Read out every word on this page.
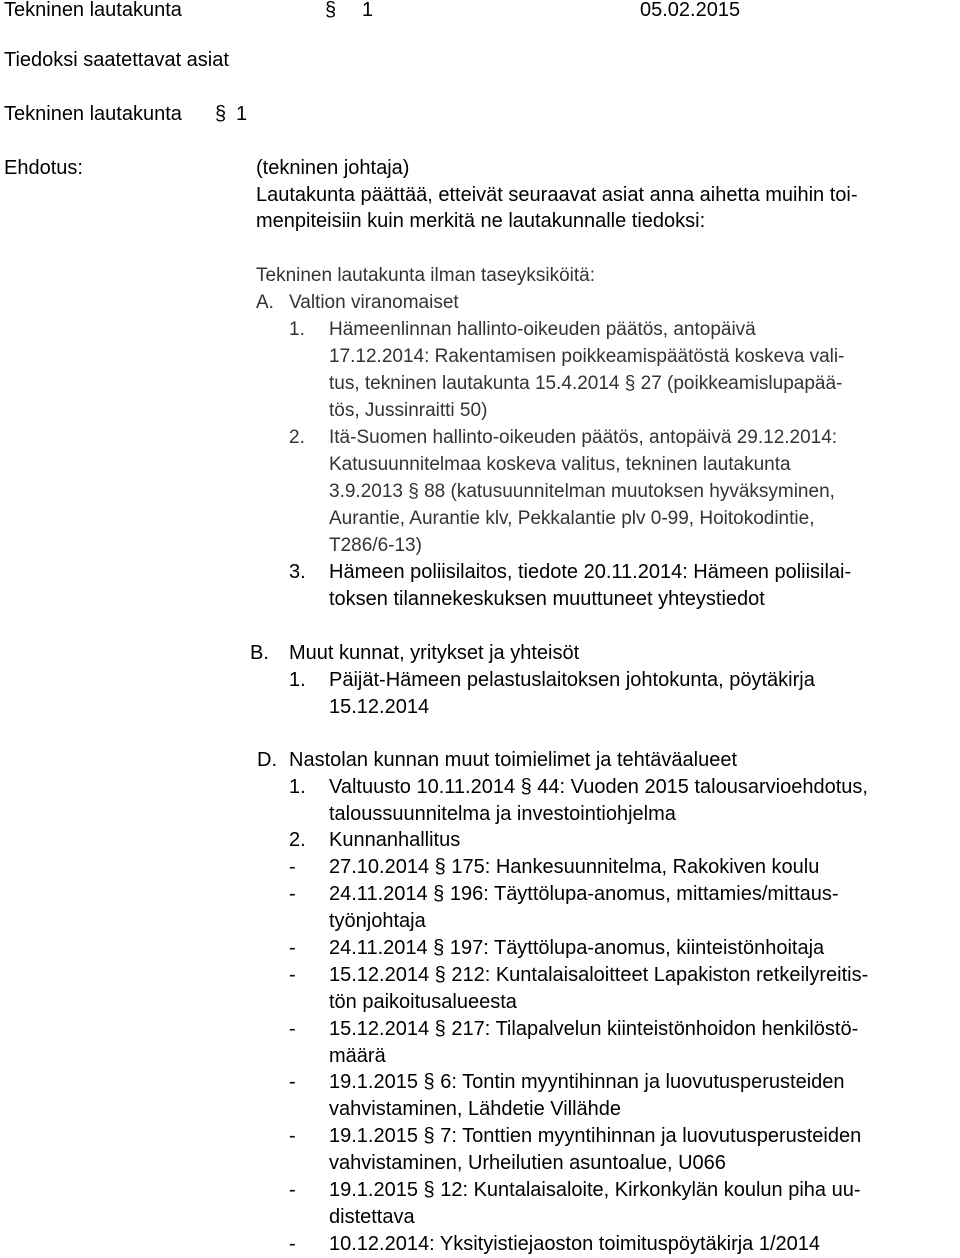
Tekninen lautakunta	§ 1	05.02.2015
Tiedoksi saatettavat asiat
Tekninen lautakunta § 1
Ehdotus:	(tekninen johtaja)
Lautakunta päättää, etteivät seuraavat asiat anna aihetta muihin toi-
menpiteisiin kuin merkitä ne lautakunnalle tiedoksi:
Tekninen lautakunta ilman taseyksiköitä:
A. Valtion viranomaiset
1. Hämeenlinnan hallinto-oikeuden päätös, antopäivä
17.12.2014: Rakentamisen poikkeamispäätöstä koskeva vali-
tus, tekninen lautakunta 15.4.2014 § 27 (poikkeamislupapää-
tös, Jussinraitti 50)
2. Itä-Suomen hallinto-oikeuden päätös, antopäivä 29.12.2014:
Katusuunnitelmaa koskeva valitus, tekninen lautakunta
3.9.2013 § 88 (katusuunnitelman muutoksen hyväksyminen,
Aurantie, Aurantie klv, Pekkalantie plv 0-99, Hoitokodintie,
T286/6-13)
3. Hämeen poliisilaitos, tiedote 20.11.2014: Hämeen poliisilai-
toksen tilannekeskuksen muuttuneet yhteystiedot
B. Muut kunnat, yritykset ja yhteisöt
1. Päijät-Hämeen pelastuslaitoksen johtokunta, pöytäkirja
15.12.2014
D. Nastolan kunnan muut toimielimet ja tehtäväalueet
1. Valtuusto 10.11.2014 § 44: Vuoden 2015 talousarvioehdotus,
taloussuunnitelma ja investointiohjelma
2. Kunnanhallitus
- 27.10.2014 § 175: Hankesuunnitelma, Rakokiven koulu
- 24.11.2014 § 196: Täyttölupa-anomus, mittamies/mittaus-
työnjohtaja
- 24.11.2014 § 197: Täyttölupa-anomus, kiinteistönhoitaja
- 15.12.2014 § 212: Kuntalaisaloitteet Lapakiston retkeilyreitis-
tön paikoitusalueesta
- 15.12.2014 § 217: Tilapalvelun kiinteistönhoidon henkilöstö-
määrä
- 19.1.2015 § 6: Tontin myyntihinnan ja luovutusperusteiden
vahvistaminen, Lähdetie Villähde
- 19.1.2015 § 7: Tonttien myyntihinnan ja luovutusperusteiden
vahvistaminen, Urheilutien asuntoalue, U066
- 19.1.2015 § 12: Kuntalaisaloite, Kirkonkylän koulun piha uu-
distettava
- 10.12.2014: Yksityistiejaoston toimituspöytäkirja 1/2014
